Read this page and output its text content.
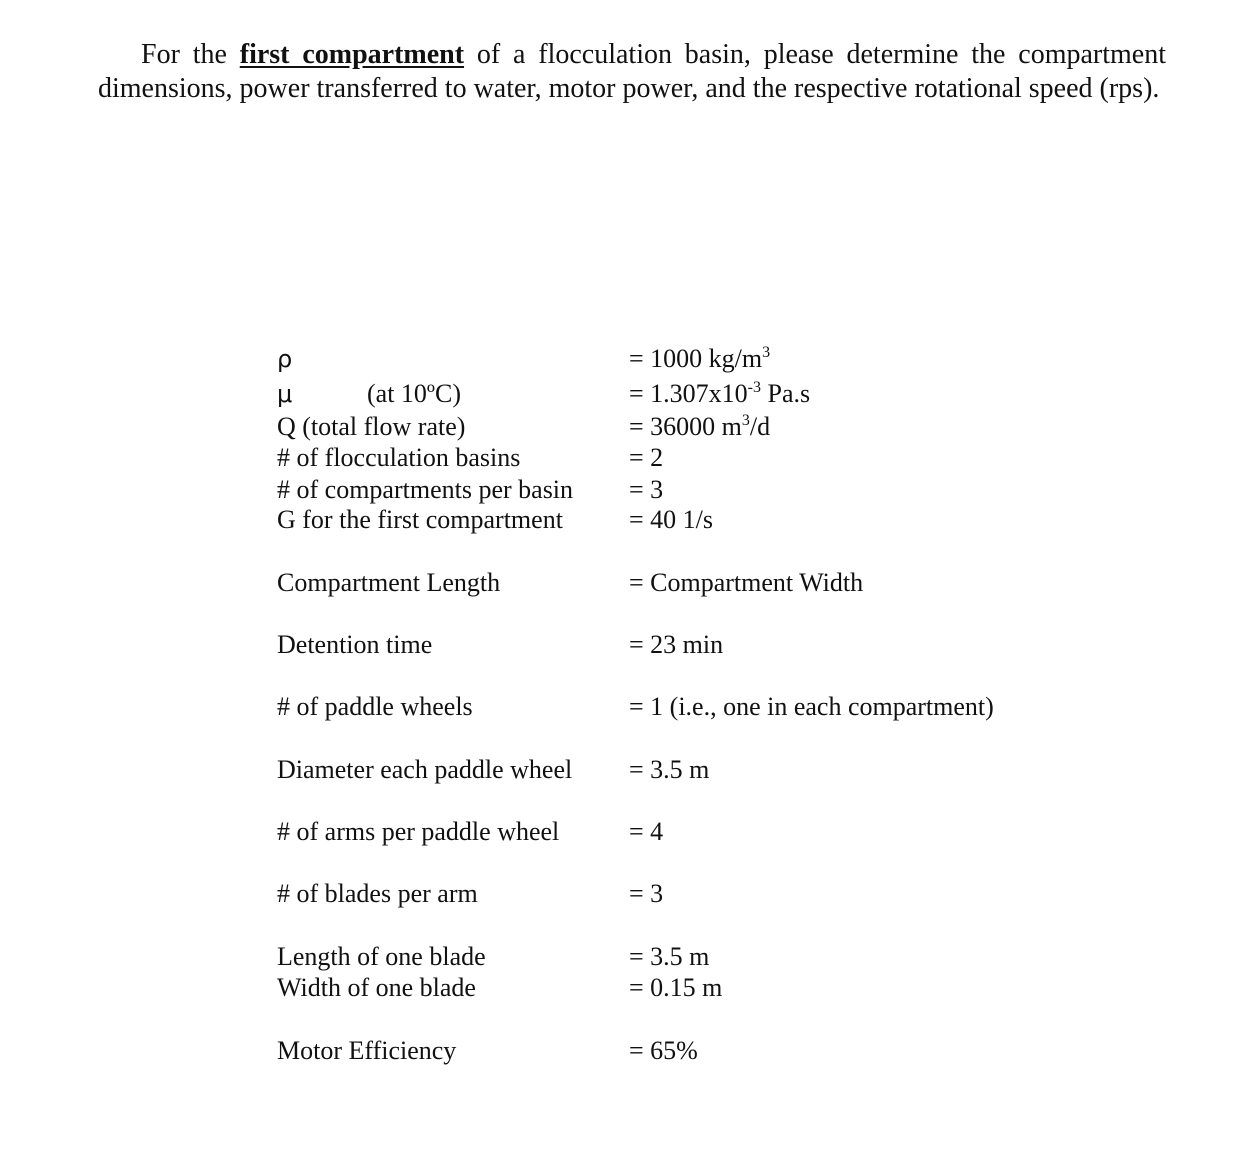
For the first compartment of a flocculation basin, please determine the compartment dimensions, power transferred to water, motor power, and the respective rotational speed (rps).

ρ	= 1000 $kg/m^3$
μ	(at 10ºC)	= $1.307x10^{-3}$ Pa.s
Q (total flow rate)	= 36000 $m^3/d$
# of flocculation basins	= 2
# of compartments per basin = 3
G for the first compartment	= 40 1/s
Compartment Length	= Compartment Width
Detention time	= 23 min
# of paddle wheels	= 1 (i.e., one in each compartment)
Diameter each paddle wheel = 3.5 m
# of arms per paddle wheel	= 4
# of blades per arm	= 3
Length of one blade	= 3.5 m
Width of one blade	= 0.15 m
Motor Efficiency	= 65%
